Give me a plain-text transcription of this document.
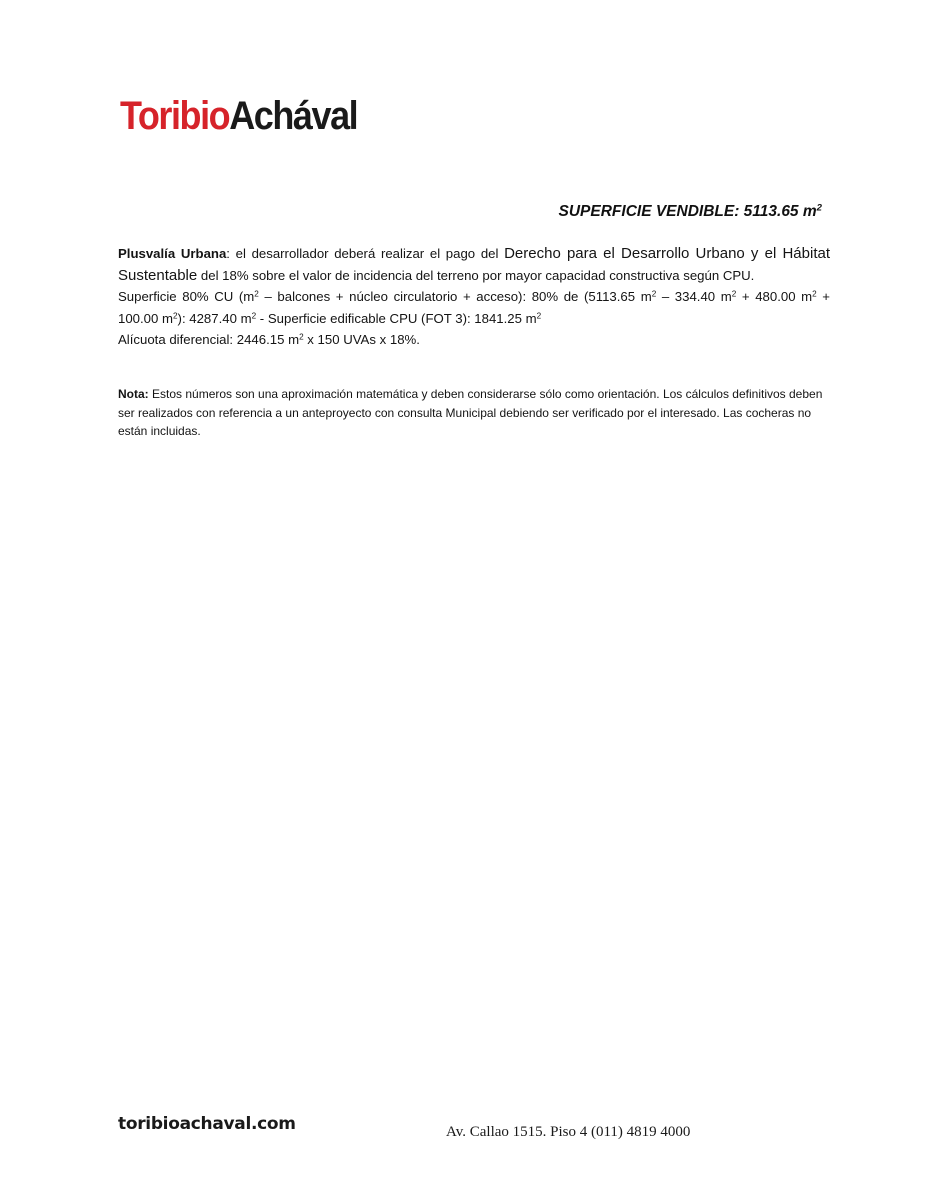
ToribioAchával
SUPERFICIE VENDIBLE: 5113.65 $m^2$

Plusvalía Urbana: el desarrollador deberá realizar el pago del Derecho para el Desarrollo Urbano y el Hábitat Sustentable del 18% sobre el valor de incidencia del terreno por mayor capacidad constructiva según CPU.

Superficie 80% CU ($m^2$ – balcones + núcleo circulatorio + acceso): 80% de (5113.65 $m^2 - 334.40$ $m^2 + 480.00$ $m^2 + 100.00$ $m^2$): 4287.40 $m^2$ - Superficie edificable CPU (FOT 3): 1841.25 $m^2$

Alícuota diferencial: 2446.15 $m^2$ x 150 UVAs x 18%.

Nota: Estos números son una aproximación matemática y deben considerarse sólo como orientación. Los cálculos definitivos deben ser realizados con referencia a un anteproyecto con consulta Municipal debiendo ser verificado por el interesado. Las cocheras no están incluidas.
toribioachaval.com	Av. Callao 1515. Piso 4 (011) 4819 4000
